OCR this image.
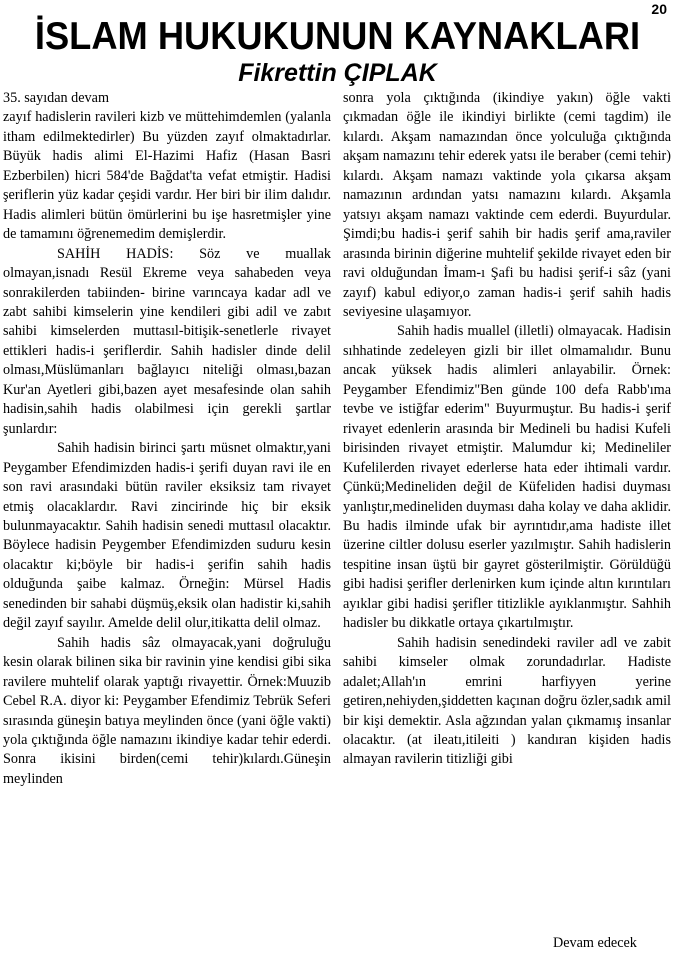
20
İSLAM HUKUKUNUN KAYNAKLARI
Fikrettin ÇIPLAK

35. sayıdan devam

zayıf hadislerin ravileri kizb ve müttehimdemlen (yalanla itham edilmektedirler) Bu yüzden zayıf olmaktadırlar. Büyük hadis alimi El-Hazimi Hafiz (Hasan Basri Ezberbilen) hicri 584'de Bağdat'ta vefat etmiştir. Hadisi şeriflerin yüz kadar çeşidi vardır. Her biri bir ilim dalıdır. Hadis alimleri bütün ömürlerini bu işe hasretmişler yine de tamamını öğrenemedim demişlerdir.

SAHİH HADİS: Söz ve muallak olmayan,isnadı Resül Ekreme veya sahabeden veya sonrakilerden tabiinden- birine varıncaya kadar adl ve zabt sahibi kimselerin yine kendileri gibi adil ve zabıt sahibi kimselerden muttasıl-bitişik-senetlerle rivayet ettikleri hadis-i şeriflerdir. Sahih hadisler dinde delil olması,Müslümanları bağlayıcı niteliği olması,bazan Kur'an Ayetleri gibi,bazen ayet mesafesinde olan sahih hadisin,sahih hadis olabilmesi için gerekli şartlar şunlardır:

Sahih hadisin birinci şartı müsnet olmaktır,yani Peygamber Efendimizden hadis-i şerifi duyan ravi ile en son ravi arasındaki bütün raviler eksiksiz tam rivayet etmiş olacaklardır. Ravi zincirinde hiç bir eksik bulunmayacaktır. Sahih hadisin senedi muttasıl olacaktır. Böylece hadisin Peygember Efendimizden suduru kesin olacaktır ki;böyle bir hadis-i şerifin sahih hadis olduğunda şaibe kalmaz. Örneğin: Mürsel Hadis senedinden bir sahabi düşmüş,eksik olan hadistir ki,sahih değil zayıf sayılır. Amelde delil olur,itikatta delil olmaz.

Sahih hadis sâz olmayacak,yani doğruluğu kesin olarak bilinen sika bir ravinin yine kendisi gibi sika ravilere muhtelif olarak yaptığı rivayettir. Örnek:Muuzib Cebel R.A. diyor ki: Peygamber Efendimiz Tebrük Seferi sırasında güneşin batıya meylinden önce (yani öğle vakti) yola çıktığında öğle namazını ikindiye kadar tehir ederdi. Sonra ikisini birden(cemi tehir)kılardı.Güneşin meylinden

sonra yola çıktığında (ikindiye yakın) öğle vakti çıkmadan öğle ile ikindiyi birlikte (cemi tagdim) ile kılardı. Akşam namazından önce yolculuğa çıktığında akşam namazını tehir ederek yatsı ile beraber (cemi tehir) kılardı. Akşam namazı vaktinde yola çıkarsa akşam namazının ardından yatsı namazını kılardı. Akşamla yatsıyı akşam namazı vaktinde cem ederdi. Buyurdular. Şimdi;bu hadis-i şerif sahih bir hadis şerif ama,raviler arasında birinin diğerine muhtelif şekilde rivayet eden bir ravi olduğundan İmam-ı Şafi bu hadisi şerif-i sâz (yani zayıf) kabul ediyor,o zaman hadis-i şerif sahih hadis seviyesine ulaşamıyor.

Sahih hadis muallel (illetli) olmayacak. Hadisin sıhhatinde zedeleyen gizli bir illet olmamalıdır. Bunu ancak yüksek hadis alimleri anlayabilir. Örnek: Peygamber Efendimiz"Ben günde 100 defa Rabb'ıma tevbe ve istiğfar ederim" Buyurmuştur. Bu hadis-i şerif rivayet edenlerin arasında bir Medineli bu hadisi Kufeli birisinden rivayet etmiştir. Malumdur ki; Medineliler Kufelilerden rivayet ederlerse hata eder ihtimali vardır. Çünkü;Medineliden değil de Küfeliden hadisi duyması yanlıştır,medineliden duyması daha kolay ve daha aklidir. Bu hadis ilminde ufak bir ayrıntıdır,ama hadiste illet üzerine ciltler dolusu eserler yazılmıştır. Sahih hadislerin tespitine insan üştü bir gayret gösterilmiştir. Görüldüğü gibi hadisi şerifler derlenirken kum içinde altın kırıntıları ayıklar gibi hadisi şerifler titizlikle ayıklanmıştır. Sahhih hadisler bu dikkatle ortaya çıkartılmıştır.

Sahih hadisin senedindeki raviler adl ve zabit sahibi kimseler olmak zorundadırlar. Hadiste adalet;Allah'ın emrini harfiyyen yerine getiren,nehiyden,şiddetten kaçınan doğru özler,sadık amil bir kişi demektir. Asla ağzından yalan çıkmamış insanlar olacaktır. (at ileatı,itileiti ) kandıran kişiden hadis almayan ravilerin titizliği gibi

Devam edecek
